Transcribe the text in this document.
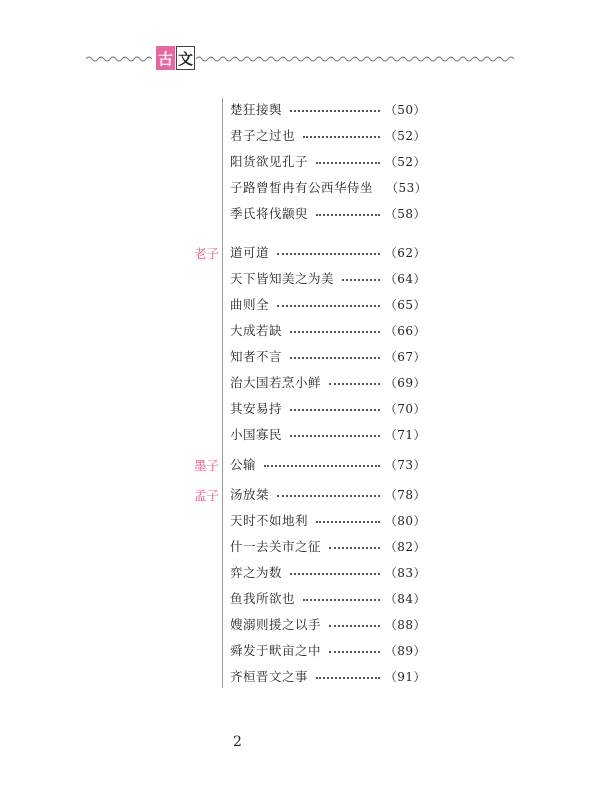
古 文
楚狂接舆	（50）
君子之过也	（52）
阳货欲见孔子	（52）
子路曾皙冉有公西华侍坐 （53）
季氏将伐颛臾	（58）
老子 道可道	（62）
天下皆知美之为美	（64）
曲则全	（65）
大成若缺	（66）
知者不言	（67）
治大国若烹小鲜	（69）
其安易持	（70）
小国寡民	（71）
墨子 公输	（73）
孟子 汤放桀	（78）
天时不如地利	（80）
什一去关市之征	（82）
弈之为数	（83）
鱼我所欲也	（84）
嫂溺则援之以手	（88）
舜发于畎亩之中	（89）
齐桓晋文之事	（91）
2
